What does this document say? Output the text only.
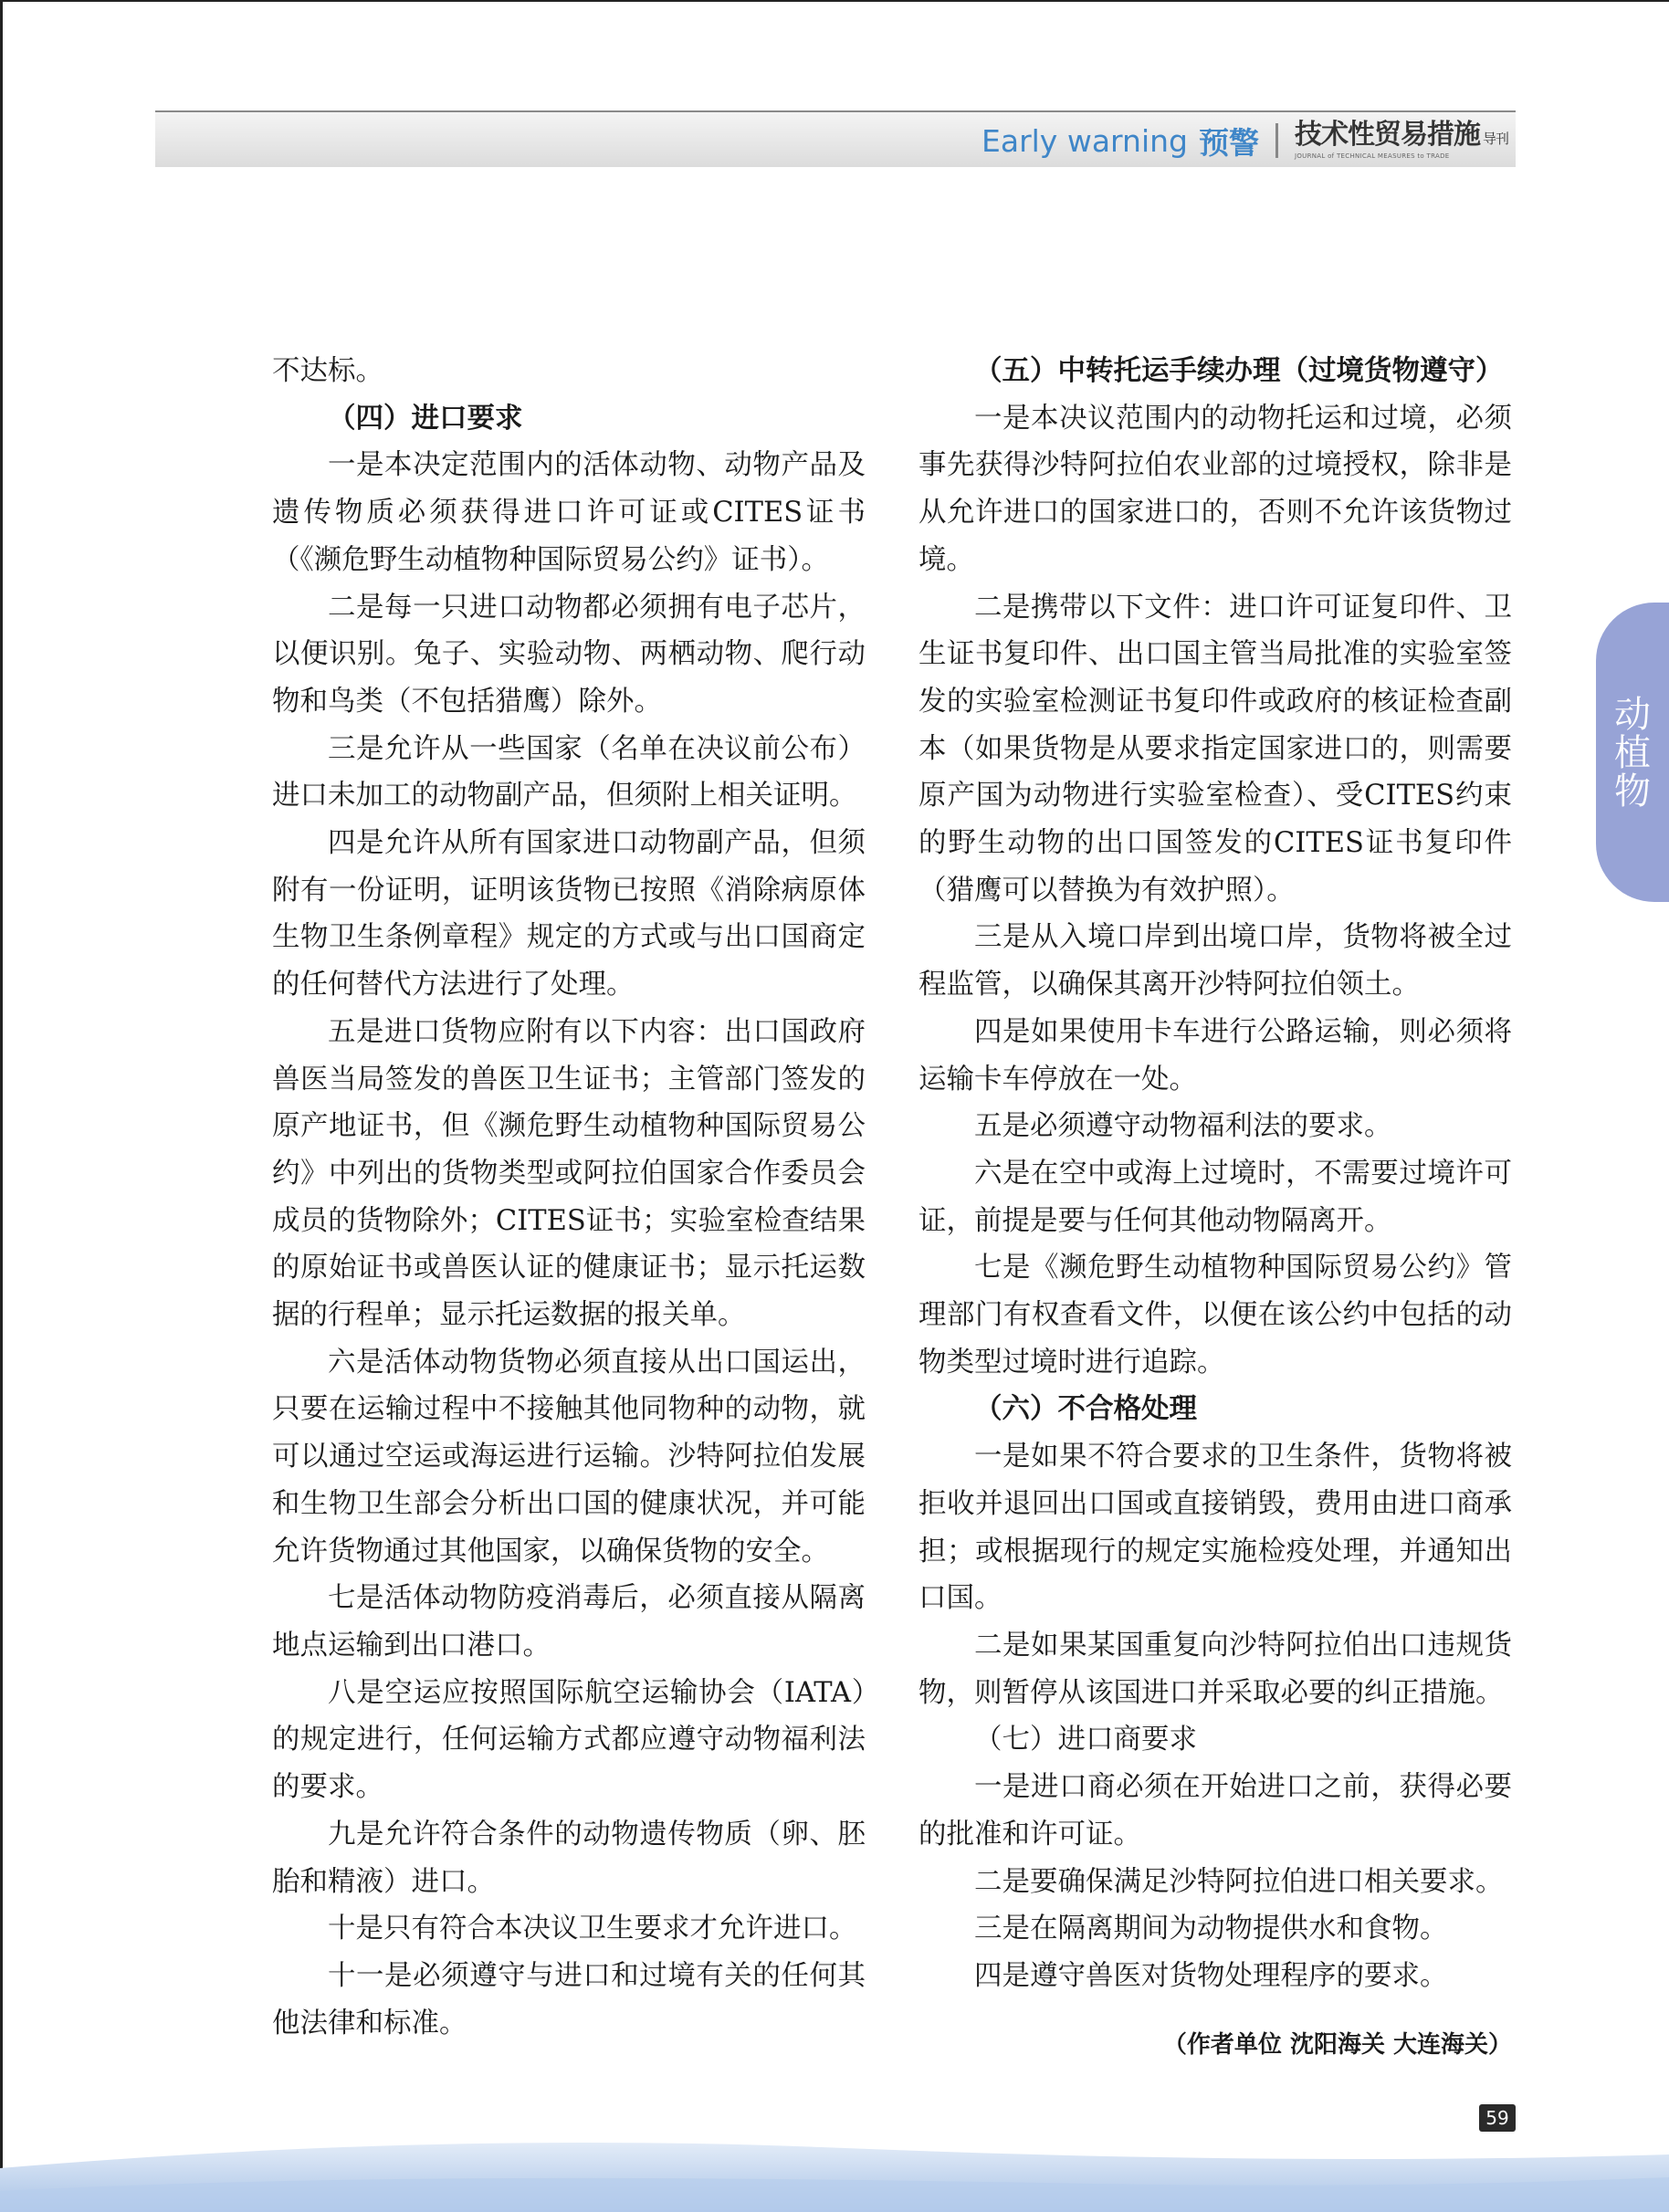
Early warning 预警 技术性贸易措施 导刊
JOURNAL of TECHNICAL MEASURES to TRADE
动
植
物

不达标。

（四）进口要求

一是本决定范围内的活体动物、动物产品及遗传物质必须获得进口许可证或CITES证书（《濒危野生动植物种国际贸易公约》证书）。

二是每一只进口动物都必须拥有电子芯片，以便识别。兔子、实验动物、两栖动物、爬行动物和鸟类（不包括猎鹰）除外。

三是允许从一些国家（名单在决议前公布）进口未加工的动物副产品，但须附上相关证明。

四是允许从所有国家进口动物副产品，但须附有一份证明，证明该货物已按照《消除病原体生物卫生条例章程》规定的方式或与出口国商定的任何替代方法进行了处理。

五是进口货物应附有以下内容：出口国政府兽医当局签发的兽医卫生证书；主管部门签发的原产地证书，但《濒危野生动植物种国际贸易公约》中列出的货物类型或阿拉伯国家合作委员会成员的货物除外；CITES证书；实验室检查结果的原始证书或兽医认证的健康证书；显示托运数据的行程单；显示托运数据的报关单。

六是活体动物货物必须直接从出口国运出，只要在运输过程中不接触其他同物种的动物，就可以通过空运或海运进行运输。沙特阿拉伯发展和生物卫生部会分析出口国的健康状况，并可能允许货物通过其他国家，以确保货物的安全。

七是活体动物防疫消毒后，必须直接从隔离地点运输到出口港口。

八是空运应按照国际航空运输协会（IATA）的规定进行，任何运输方式都应遵守动物福利法的要求。

九是允许符合条件的动物遗传物质（卵、胚胎和精液）进口。

十是只有符合本决议卫生要求才允许进口。

十一是必须遵守与进口和过境有关的任何其他法律和标准。

（五）中转托运手续办理（过境货物遵守）

一是本决议范围内的动物托运和过境，必须事先获得沙特阿拉伯农业部的过境授权，除非是从允许进口的国家进口的，否则不允许该货物过境。

二是携带以下文件：进口许可证复印件、卫生证书复印件、出口国主管当局批准的实验室签发的实验室检测证书复印件或政府的核证检查副本（如果货物是从要求指定国家进口的，则需要原产国为动物进行实验室检查）、受CITES约束的野生动物的出口国签发的CITES证书复印件（猎鹰可以替换为有效护照）。

三是从入境口岸到出境口岸，货物将被全过程监管，以确保其离开沙特阿拉伯领土。

四是如果使用卡车进行公路运输，则必须将运输卡车停放在一处。

五是必须遵守动物福利法的要求。

六是在空中或海上过境时，不需要过境许可证，前提是要与任何其他动物隔离开。

七是《濒危野生动植物种国际贸易公约》管理部门有权查看文件，以便在该公约中包括的动物类型过境时进行追踪。

（六）不合格处理

一是如果不符合要求的卫生条件，货物将被拒收并退回出口国或直接销毁，费用由进口商承担；或根据现行的规定实施检疫处理，并通知出口国。

二是如果某国重复向沙特阿拉伯出口违规货物，则暂停从该国进口并采取必要的纠正措施。

（七）进口商要求

一是进口商必须在开始进口之前，获得必要的批准和许可证。

二是要确保满足沙特阿拉伯进口相关要求。

三是在隔离期间为动物提供水和食物。

四是遵守兽医对货物处理程序的要求。

（作者单位 沈阳海关 大连海关）
59
